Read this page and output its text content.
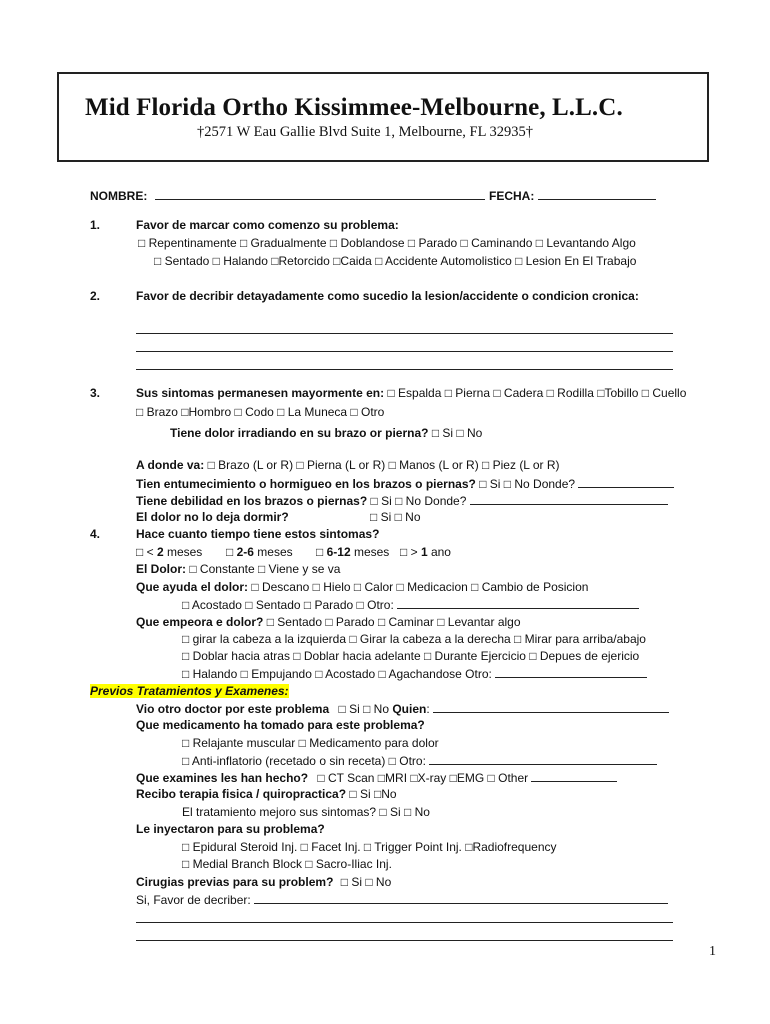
Mid Florida Ortho Kissimmee-Melbourne, L.L.C.
†2571 W Eau Gallie Blvd Suite 1, Melbourne, FL 32935†
NOMBRE:	FECHA:
1.	Favor de marcar como comenzo su problema:
□ Repentinamente □ Gradualmente □ Doblandose □ Parado □ Caminando □ Levantando Algo
□ Sentado □ Halando □Retorcido □Caida □ Accidente Automolistico □ Lesion En El Trabajo
2.	Favor de decribir detayadamente como sucedio la lesion/accidente o condicion cronica:
3.	Sus sintomas permanesen mayormente en: □ Espalda □ Pierna □ Cadera □ Rodilla □Tobillo □ Cuello
□ Brazo □Hombro □ Codo □ La Muneca □ Otro
Tiene dolor irradiando en su brazo or pierna? □ Si □ No
A donde va: □ Brazo (L or R) □ Pierna (L or R) □ Manos (L or R) □ Piez (L or R)
Tien entumecimiento o hormigueo en los brazos o piernas? □ Si □ No Donde?
Tiene debilidad en los brazos o piernas? □ Si □ No Donde?
El dolor no lo deja dormir?	□ Si □ No
4.	Hace cuanto tiempo tiene estos sintomas?
□ < 2 meses □ 2-6 meses □ 6-12 meses □ > 1 ano
El Dolor: □ Constante □ Viene y se va
Que ayuda el dolor: □ Descano □ Hielo □ Calor □ Medicacion □ Cambio de Posicion
□ Acostado □ Sentado □ Parado □ Otro:
Que empeora e dolor? □ Sentado □ Parado □ Caminar □ Levantar algo
□ girar la cabeza a la izquierda □ Girar la cabeza a la derecha □ Mirar para arriba/abajo
□ Doblar hacia atras □ Doblar hacia adelante □ Durante Ejercicio □ Depues de ejericio
□ Halando □ Empujando □ Acostado □ Agachandose Otro:
Previos Tratamientos y Examenes:
Vio otro doctor por este problema □ Si □ No Quien:
Que medicamento ha tomado para este problema?
□ Relajante muscular □ Medicamento para dolor
□ Anti-inflatorio (recetado o sin receta) □ Otro:
Que examines les han hecho? □ CT Scan □MRI □X-ray □EMG □ Other
Recibo terapia fisica / quiropractica? □ Si □No
El tratamiento mejoro sus sintomas? □ Si □ No
Le inyectaron para su problema?
□ Epidural Steroid Inj. □ Facet Inj. □ Trigger Point Inj. □Radiofrequency
□ Medial Branch Block □ Sacro-Iliac Inj.
Cirugias previas para su problem? □ Si □ No
Si, Favor de decriber:
1
